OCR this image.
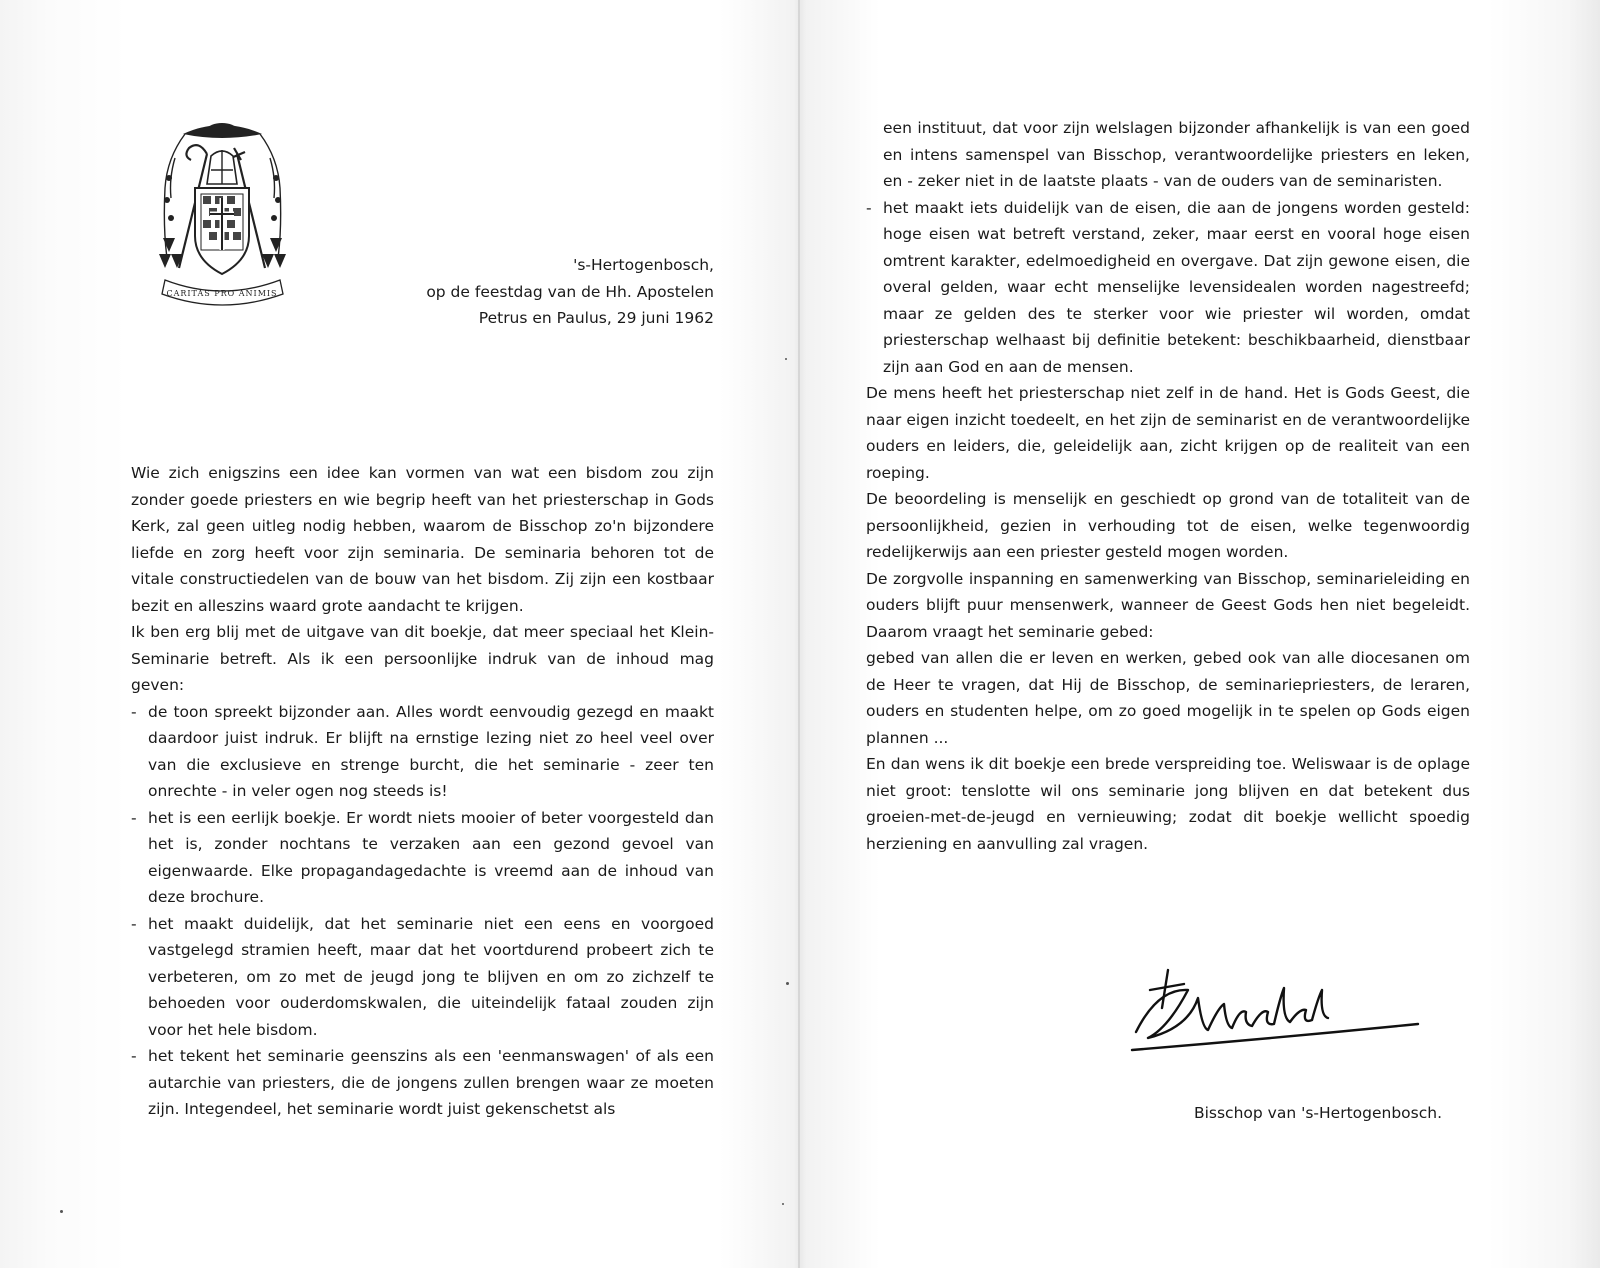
CARITAS PRO ANIMIS
's-Hertogenbosch,
op de feestdag van de Hh. Apostelen
Petrus en Paulus, 29 juni 1962

Wie zich enigszins een idee kan vormen van wat een bisdom zou zijn zonder goede priesters en wie begrip heeft van het priesterschap in Gods Kerk, zal geen uitleg nodig hebben, waarom de Bisschop zo'n bijzondere liefde en zorg heeft voor zijn seminaria. De seminaria behoren tot de vitale constructiedelen van de bouw van het bisdom. Zij zijn een kostbaar bezit en alleszins waard grote aandacht te krijgen.

Ik ben erg blij met de uitgave van dit boekje, dat meer speciaal het Klein-Seminarie betreft. Als ik een persoonlijke indruk van de inhoud mag geven:

- de toon spreekt bijzonder aan. Alles wordt eenvoudig gezegd en maakt daardoor juist indruk. Er blijft na ernstige lezing niet zo heel veel over van die exclusieve en strenge burcht, die het seminarie - zeer ten onrechte - in veler ogen nog steeds is!

- het is een eerlijk boekje. Er wordt niets mooier of beter voorgesteld dan het is, zonder nochtans te verzaken aan een gezond gevoel van eigenwaarde. Elke propagandagedachte is vreemd aan de inhoud van deze brochure.

- het maakt duidelijk, dat het seminarie niet een eens en voorgoed vastgelegd stramien heeft, maar dat het voortdurend probeert zich te verbeteren, om zo met de jeugd jong te blijven en om zo zichzelf te behoeden voor ouderdomskwalen, die uiteindelijk fataal zouden zijn voor het hele bisdom.

- het tekent het seminarie geenszins als een 'eenmanswagen' of als een autarchie van priesters, die de jongens zullen brengen waar ze moeten zijn. Integendeel, het seminarie wordt juist gekenschetst als

een instituut, dat voor zijn welslagen bijzonder afhankelijk is van een goed en intens samenspel van Bisschop, verantwoordelijke priesters en leken, en - zeker niet in de laatste plaats - van de ouders van de seminaristen.

- het maakt iets duidelijk van de eisen, die aan de jongens worden gesteld: hoge eisen wat betreft verstand, zeker, maar eerst en vooral hoge eisen omtrent karakter, edelmoedigheid en overgave. Dat zijn gewone eisen, die overal gelden, waar echt menselijke levensidealen worden nagestreefd; maar ze gelden des te sterker voor wie priester wil worden, omdat priesterschap welhaast bij definitie betekent: beschikbaarheid, dienstbaar zijn aan God en aan de mensen.

De mens heeft het priesterschap niet zelf in de hand. Het is Gods Geest, die naar eigen inzicht toedeelt, en het zijn de seminarist en de verantwoordelijke ouders en leiders, die, geleidelijk aan, zicht krijgen op de realiteit van een roeping.

De beoordeling is menselijk en geschiedt op grond van de totaliteit van de persoonlijkheid, gezien in verhouding tot de eisen, welke tegenwoordig redelijkerwijs aan een priester gesteld mogen worden.

De zorgvolle inspanning en samenwerking van Bisschop, seminarieleiding en ouders blijft puur mensenwerk, wanneer de Geest Gods hen niet begeleidt. Daarom vraagt het seminarie gebed:

gebed van allen die er leven en werken, gebed ook van alle diocesanen om de Heer te vragen, dat Hij de Bisschop, de seminariepriesters, de leraren, ouders en studenten helpe, om zo goed mogelijk in te spelen op Gods eigen plannen ...

En dan wens ik dit boekje een brede verspreiding toe. Weliswaar is de oplage niet groot: tenslotte wil ons seminarie jong blijven en dat betekent dus groeien-met-de-jeugd en vernieuwing; zodat dit boekje wellicht spoedig herziening en aanvulling zal vragen.

Bisschop van 's-Hertogenbosch.
